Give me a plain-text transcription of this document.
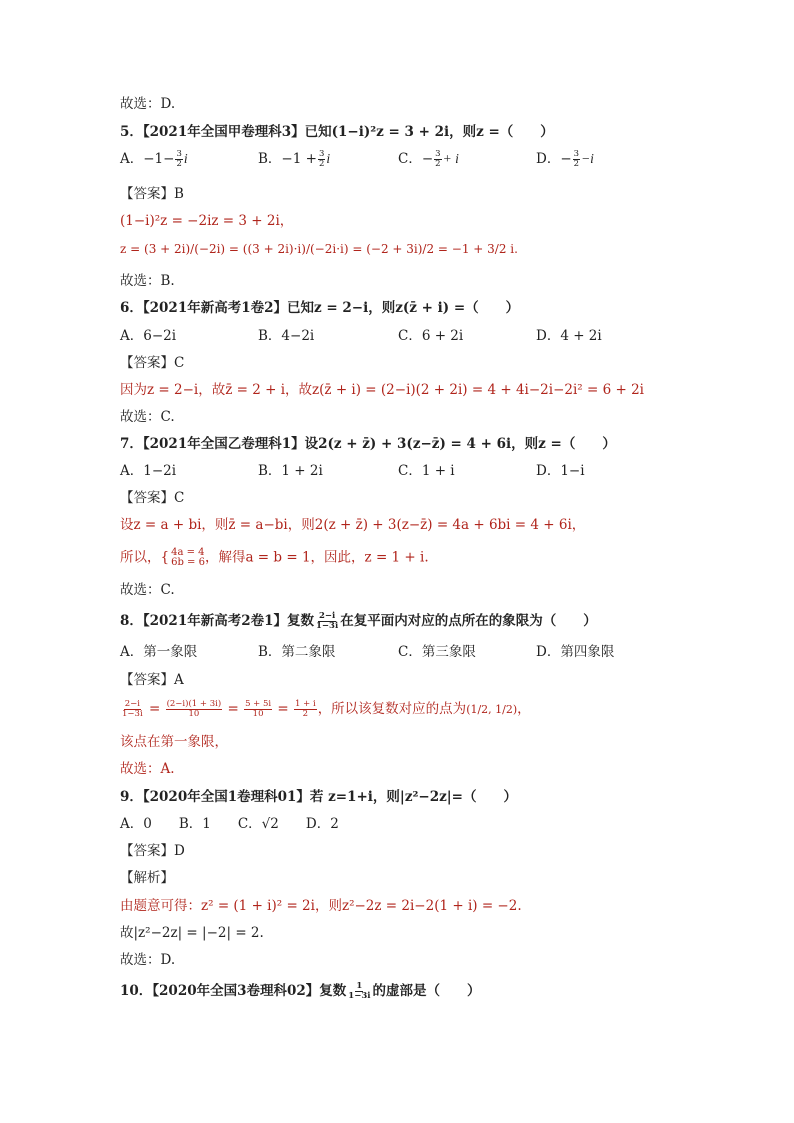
故选：D.
5．【2021年全国甲卷理科3】已知(1−i)²z = 3 + 2i，则z =（　　）
A．$-1- \frac{3}{2}$ i	B．$-1 + \frac{3}{2}$ i	C．− $\frac{3}{2} + i$	D．− $\frac{3}{2} -i$
【答案】B
(1−i)²z = −2iz = 3 + 2i，
z = (3 + 2i)/(−2i) = ((3 + 2i)·i)/(−2i·i) = (−2 + 3i)/2 = −1 + 3/2 i.
故选：B.
6．【2021年新高考1卷2】已知z = 2−i，则z(z̄ + i) =（　　）
A．6−2i	B．4−2i	C．6 + 2i	D．4 + 2i
【答案】C
因为z = 2−i，故z̄ = 2 + i，故z(z̄ + i) = (2−i)(2 + 2i) = 4 + 4i−2i−2i² = 6 + 2i
故选：C.
7．【2021年全国乙卷理科1】设2(z + z̄) + 3(z−z̄) = 4 + 6i，则z =（　　）
A．1−2i	B．1 + 2i	C．1 + i	D．1−i
【答案】C
设z = a + bi，则z̄ = a−bi，则2(z + z̄) + 3(z−z̄) = 4a + 6bi = 4 + 6i，
所以，{ 4a = 4
6b = 6 ，解得a = b = 1，因此，z = 1 + i.
故选：C.
8．【2021年新高考2卷1】复数 $\frac{2-i}{1-3i}$ 在复平面内对应的点所在的象限为（　　）
A．第一象限	B．第二象限	C．第三象限	D．第四象限
【答案】A
$\frac{2-i}{1-3i} = \frac{(2-i)(1 + 3i)}{10} = \frac{5 + 5i}{10} = \frac{1 + i}{2}$ ，所以该复数对应的点为(1/2, 1/2)，
该点在第一象限，
故选：A.
9．【2020年全国1卷理科01】若 z=1+i，则|z²−2z|=（　　）
A．0　　B．1　　C．√2　　D．2
【答案】D
【解析】
由题意可得：z² = (1 + i)² = 2i，则z²−2z = 2i−2(1 + i) = −2.
故|z²−2z| = |−2| = 2.
故选：D.
10．【2020年全国3卷理科02】复数 $\frac{1}{1-3i}$ 的虚部是（　　）
